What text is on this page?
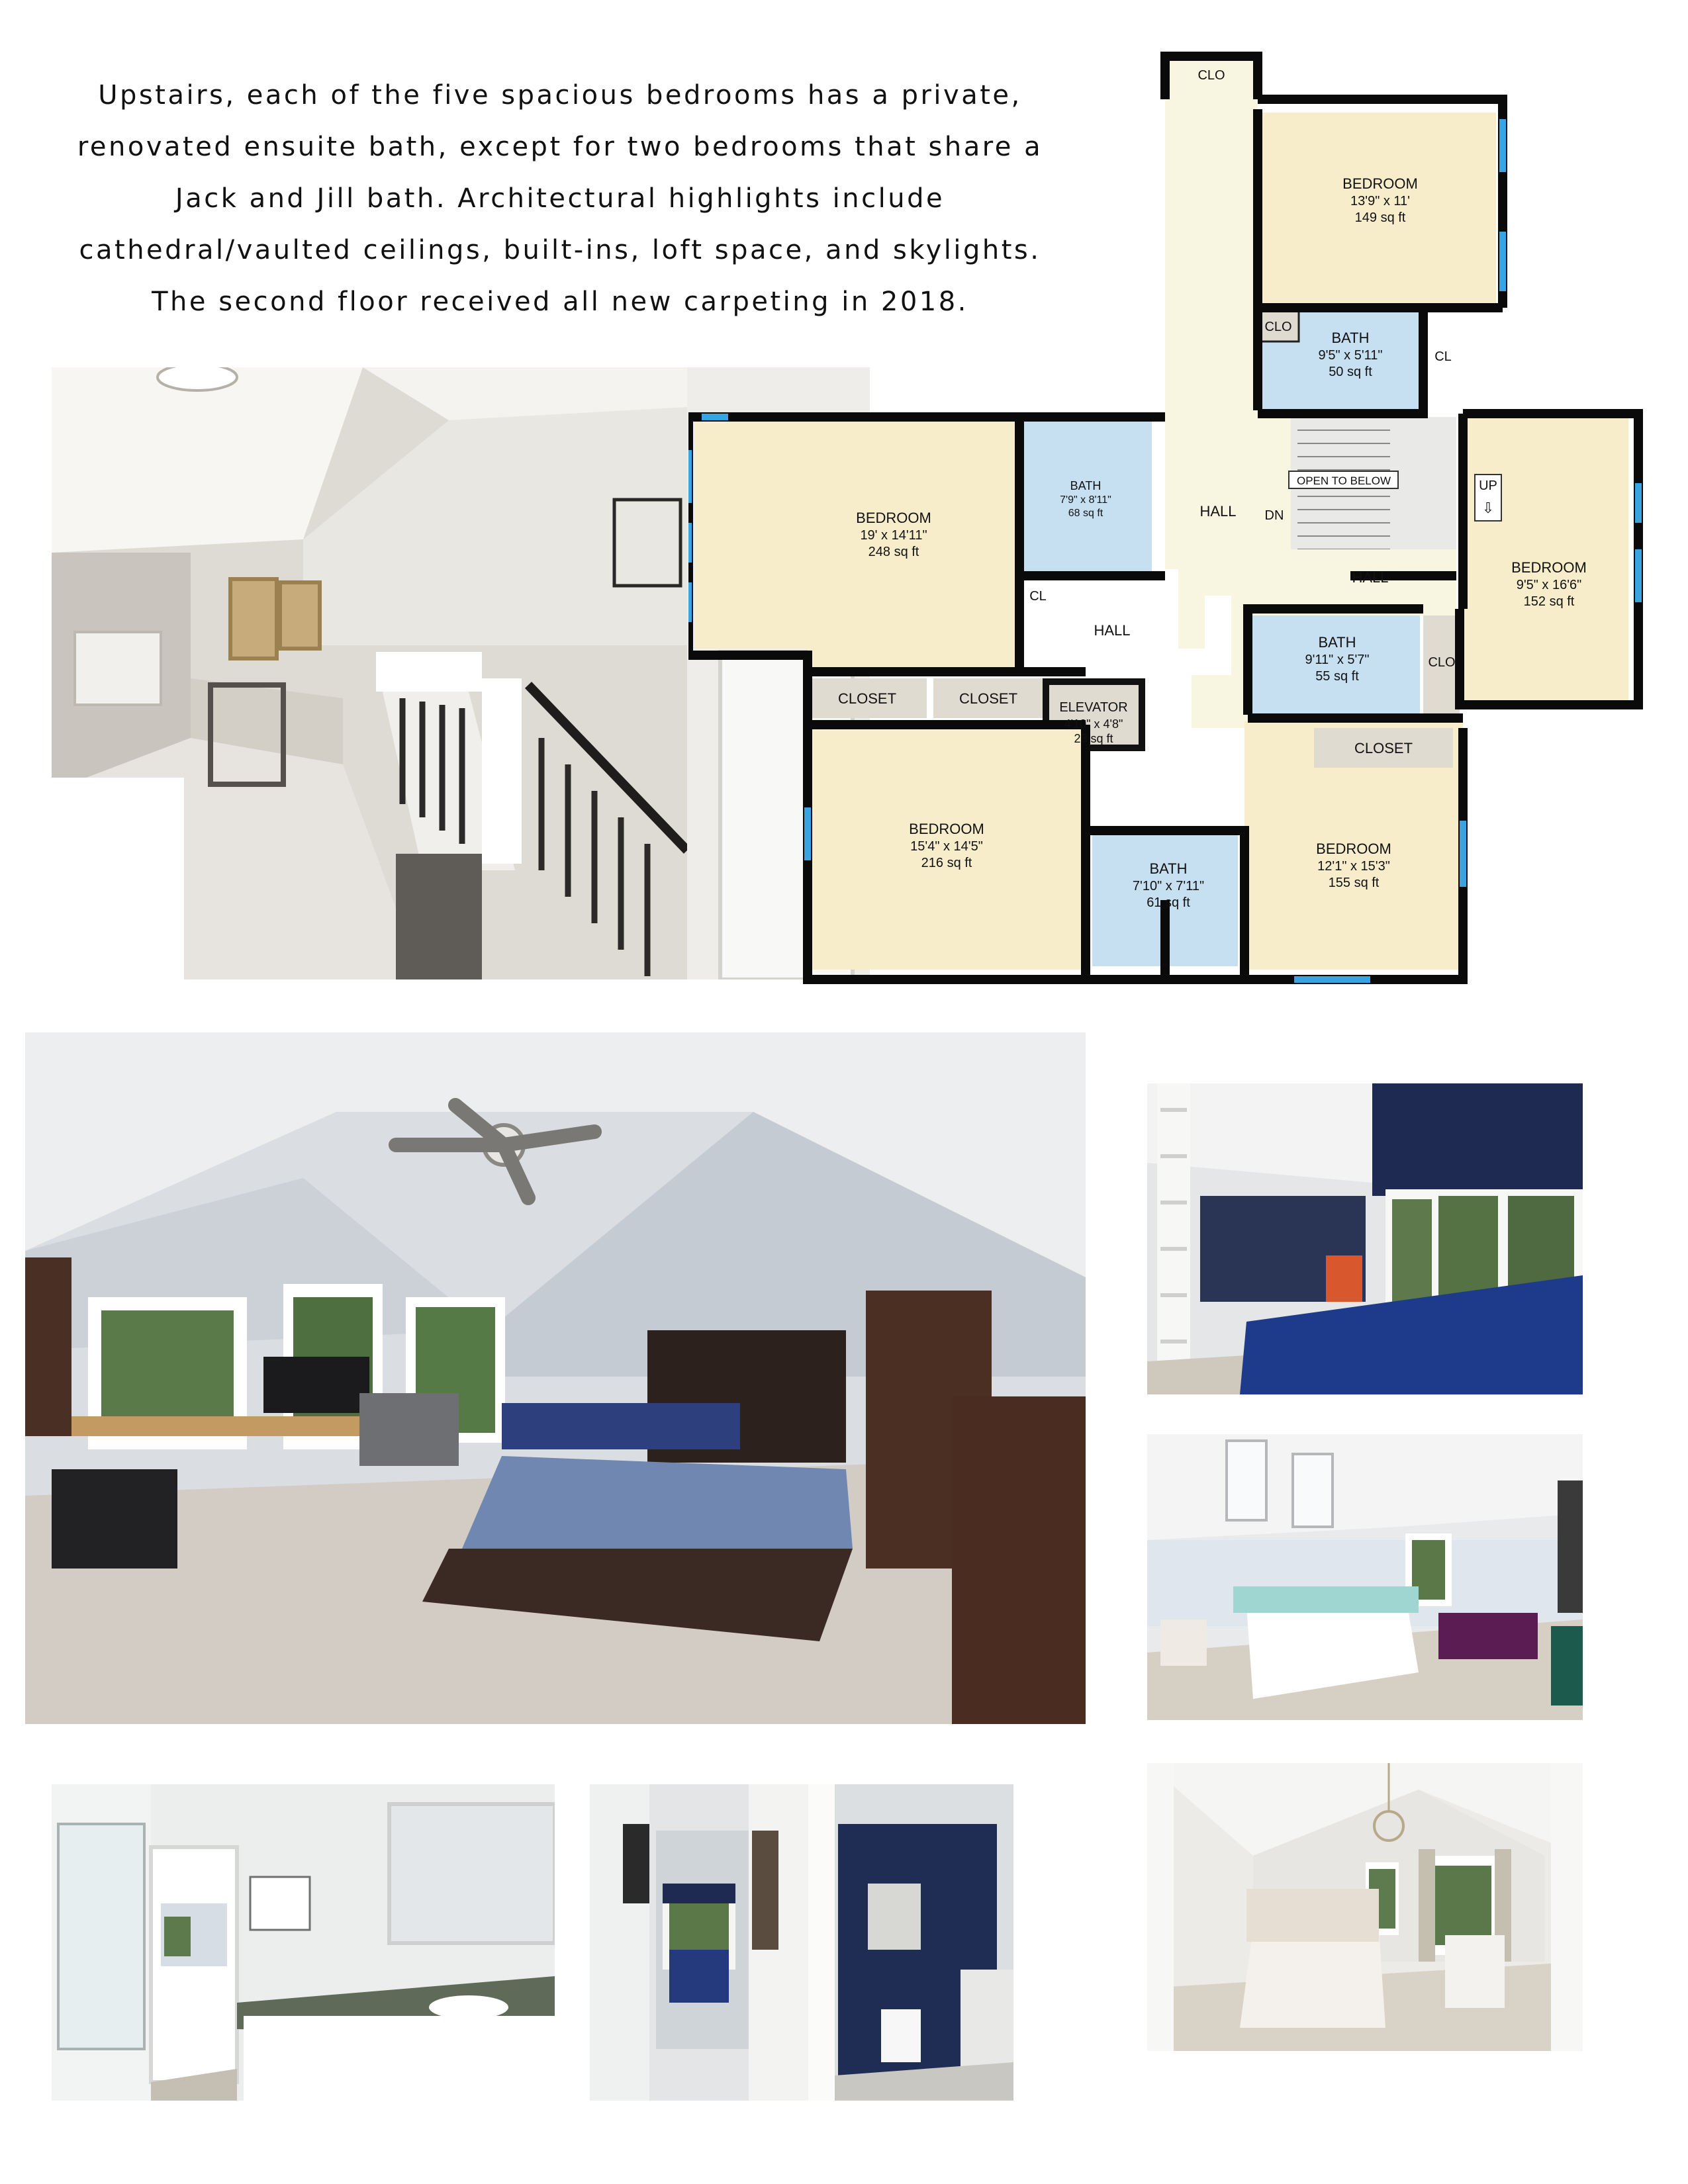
Upstairs, each of the five spacious bedrooms has a private,
renovated ensuite bath, except for two bedrooms that share a
Jack and Jill bath. Architectural highlights include
cathedral/vaulted ceilings, built-ins, loft space, and skylights.
The second floor received all new carpeting in 2018.
CLO
BEDROOM
13'9" x 11'
149 sq ft
BATH
9'5" x 5'11"
50 sq ft
CLO
CL
BEDROOM
19' x 14'11"
248 sq ft
BATH
7'9" x 8'11"
68 sq ft
CL
HALL DN
OPEN TO BELOW	UP
⇩
HALL
BEDROOM
9'5" x 16'6"
152 sq ft
HALL
BATH
9'11" x 5'7"
55 sq ft
CLO
CLOSET	CLOSET
ELEVATOR
4'10" x 4'8"
23 sq ft
CLOSET
BEDROOM
15'4" x 14'5"
216 sq ft	BATH
7'10" x 7'11"
61 sq ft
BEDROOM
12'1" x 15'3"
155 sq ft
